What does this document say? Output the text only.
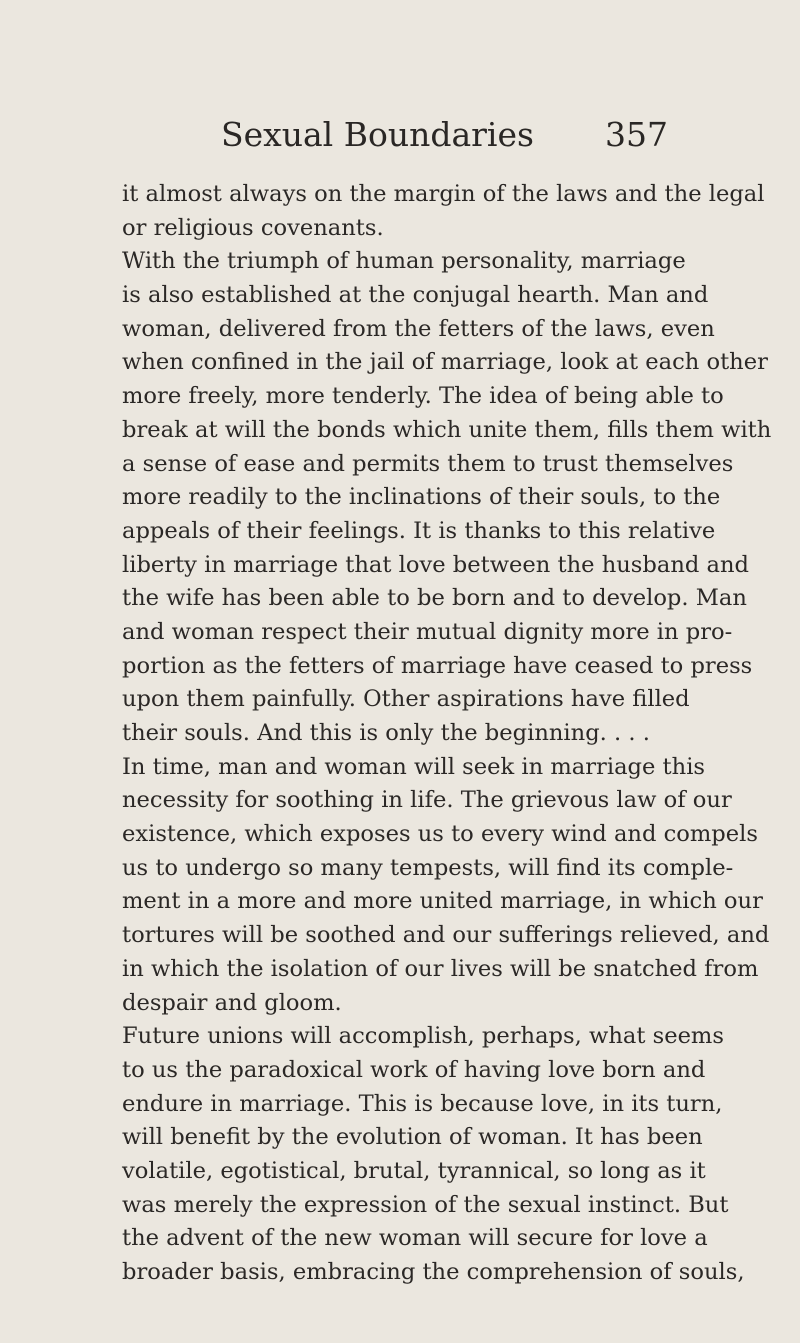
Sexual Boundaries 357
it almost always on the margin of the laws and the legal
or religious covenants.
With the triumph of human personality, marriage
is also established at the conjugal hearth. Man and
woman, delivered from the fetters of the laws, even
when confined in the jail of marriage, look at each other
more freely, more tenderly. The idea of being able to
break at will the bonds which unite them, fills them with
a sense of ease and permits them to trust themselves
more readily to the inclinations of their souls, to the
appeals of their feelings. It is thanks to this relative
liberty in marriage that love between the husband and
the wife has been able to be born and to develop. Man
and woman respect their mutual dignity more in pro-
portion as the fetters of marriage have ceased to press
upon them painfully. Other aspirations have filled
their souls. And this is only the beginning. . . .
In time, man and woman will seek in marriage this
necessity for soothing in life. The grievous law of our
existence, which exposes us to every wind and compels
us to undergo so many tempests, will find its comple-
ment in a more and more united marriage, in which our
tortures will be soothed and our sufferings relieved, and
in which the isolation of our lives will be snatched from
despair and gloom.
Future unions will accomplish, perhaps, what seems
to us the paradoxical work of having love born and
endure in marriage. This is because love, in its turn,
will benefit by the evolution of woman. It has been
volatile, egotistical, brutal, tyrannical, so long as it
was merely the expression of the sexual instinct. But
the advent of the new woman will secure for love a
broader basis, embracing the comprehension of souls,
